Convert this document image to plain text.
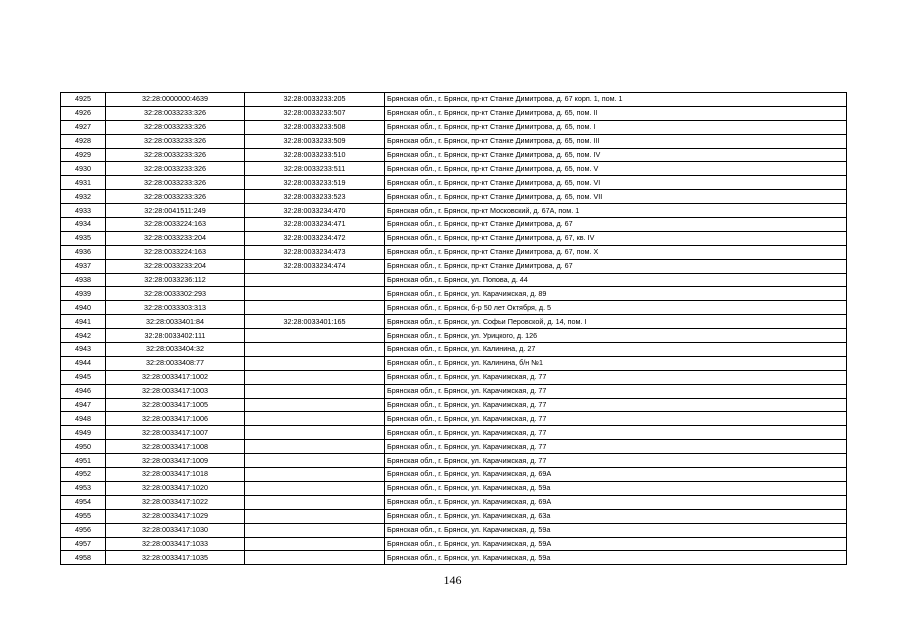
4925	32:28:0000000:4639	32:28:0033233:205	Брянская обл., г. Брянск, пр-кт Станке Димитрова, д. 67 корп. 1, пом. 1
4926	32:28:0033233:326	32:28:0033233:507	Брянская обл., г. Брянск, пр-кт Станке Димитрова, д. 65, пом. II
4927	32:28:0033233:326	32:28:0033233:508	Брянская обл., г. Брянск, пр-кт Станке Димитрова, д. 65, пом. I
4928	32:28:0033233:326	32:28:0033233:509	Брянская обл., г. Брянск, пр-кт Станке Димитрова, д. 65, пом. III
4929	32:28:0033233:326	32:28:0033233:510	Брянская обл., г. Брянск, пр-кт Станке Димитрова, д. 65, пом. IV
4930	32:28:0033233:326	32:28:0033233:511	Брянская обл., г. Брянск, пр-кт Станке Димитрова, д. 65, пом. V
4931	32:28:0033233:326	32:28:0033233:519	Брянская обл., г. Брянск, пр-кт Станке Димитрова, д. 65, пом. VI
4932	32:28:0033233:326	32:28:0033233:523	Брянская обл., г. Брянск, пр-кт Станке Димитрова, д. 65, пом. VII
4933	32:28:0041511:249	32:28:0033234:470	Брянская обл., г. Брянск, пр-кт Московский, д. 67А, пом. 1
4934	32:28:0033224:163	32:28:0033234:471	Брянская обл., г. Брянск, пр-кт Станке Димитрова, д. 67
4935	32:28:0033233:204	32:28:0033234:472	Брянская обл., г. Брянск, пр-кт Станке Димитрова, д. 67, кв. IV
4936	32:28:0033224:163	32:28:0033234:473	Брянская обл., г. Брянск, пр-кт Станке Димитрова, д. 67, пом. X
4937	32:28:0033233:204	32:28:0033234:474	Брянская обл., г. Брянск, пр-кт Станке Димитрова, д. 67
4938	32:28:0033236:112		Брянская обл., г. Брянск, ул. Попова, д. 44
4939	32:28:0033302:293		Брянская обл., г. Брянск, ул. Карачижская, д. 89
4940	32:28:0033303:313		Брянская обл., г. Брянск, б-р 50 лет Октября, д. 5
4941	32:28:0033401:84	32:28:0033401:165	Брянская обл., г. Брянск, ул. Софьи Перовской, д. 14, пом. I
4942	32:28:0033402:111		Брянская обл., г. Брянск, ул. Урицкого, д. 126
4943	32:28:0033404:32		Брянская обл., г. Брянск, ул. Калинина, д. 27
4944	32:28:0033408:77		Брянская обл., г. Брянск, ул. Калинина, б/н №1
4945	32:28:0033417:1002		Брянская обл., г. Брянск, ул. Карачижская, д. 77
4946	32:28:0033417:1003		Брянская обл., г. Брянск, ул. Карачижская, д. 77
4947	32:28:0033417:1005		Брянская обл., г. Брянск, ул. Карачижская, д. 77
4948	32:28:0033417:1006		Брянская обл., г. Брянск, ул. Карачижская, д. 77
4949	32:28:0033417:1007		Брянская обл., г. Брянск, ул. Карачижская, д. 77
4950	32:28:0033417:1008		Брянская обл., г. Брянск, ул. Карачижская, д. 77
4951	32:28:0033417:1009		Брянская обл., г. Брянск, ул. Карачижская, д. 77
4952	32:28:0033417:1018		Брянская обл., г. Брянск, ул. Карачижская, д. 69А
4953	32:28:0033417:1020		Брянская обл., г. Брянск, ул. Карачижская, д. 59а
4954	32:28:0033417:1022		Брянская обл., г. Брянск, ул. Карачижская, д. 69А
4955	32:28:0033417:1029		Брянская обл., г. Брянск, ул. Карачижская, д. 63а
4956	32:28:0033417:1030		Брянская обл., г. Брянск, ул. Карачижская, д. 59а
4957	32:28:0033417:1033		Брянская обл., г. Брянск, ул. Карачижская, д. 59А
4958	32:28:0033417:1035		Брянская обл., г. Брянск, ул. Карачижская, д. 59а
146
